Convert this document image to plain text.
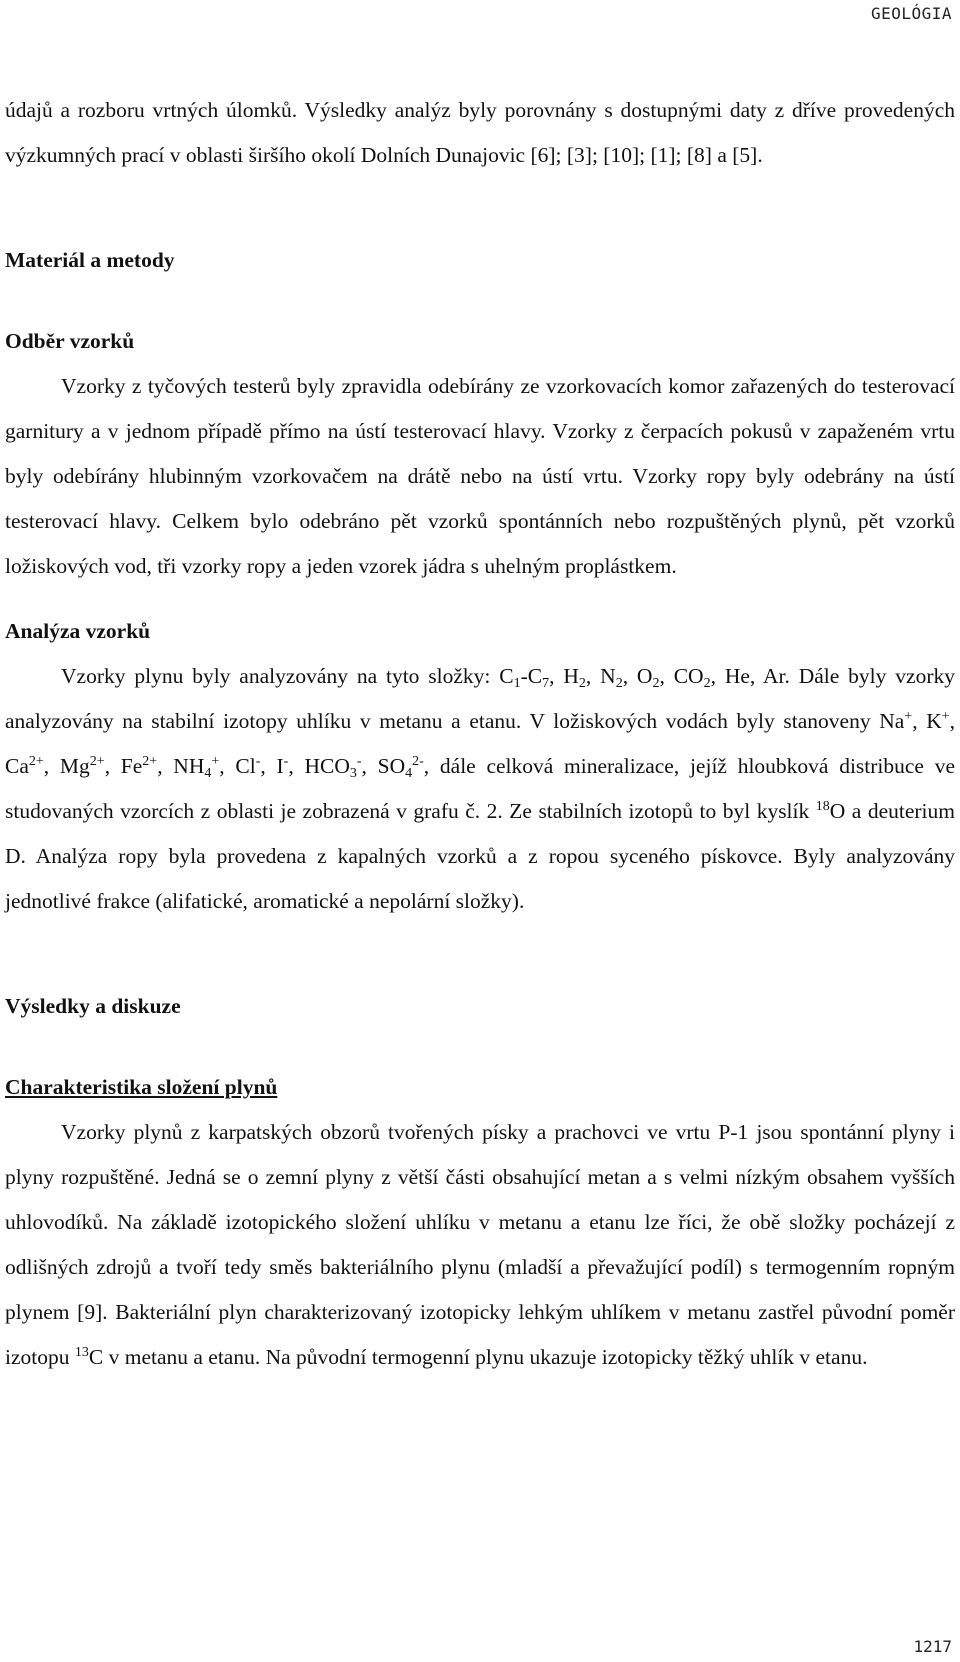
GEOLÓGIA

údajů a rozboru vrtných úlomků. Výsledky analýz byly porovnány s dostupnými daty z dříve provedených výzkumných prací v oblasti širšího okolí Dolních Dunajovic [6]; [3]; [10]; [1]; [8] a [5].

Materiál a metody
Odběr vzorků

Vzorky z tyčových testerů byly zpravidla odebírány ze vzorkovacích komor zařazených do testerovací garnitury a v jednom případě přímo na ústí testerovací hlavy. Vzorky z čerpacích pokusů v zapaženém vrtu byly odebírány hlubinným vzorkovačem na drátě nebo na ústí vrtu. Vzorky ropy byly odebrány na ústí testerovací hlavy. Celkem bylo odebráno pět vzorků spontánních nebo rozpuštěných plynů, pět vzorků ložiskových vod, tři vzorky ropy a jeden vzorek jádra s uhelným proplástkem.

Analýza vzorků

Vzorky plynu byly analyzovány na tyto složky: $C_1-C_7$, $H_2$, $N_2$, $O_2$, $CO_2$, He, Ar. Dále byly vzorky analyzovány na stabilní izotopy uhlíku v metanu a etanu. V ložiskových vodách byly stanoveny Na+, K+, $Ca^{2+}$, $Mg^{2+}$, $Fe^{2+}$, $NH_4^+$, Cl-, I-, $HCO_3^-$, $SO_4^{2-}$, dále celková mineralizace, jejíž hloubková distribuce ve studovaných vzorcích z oblasti je zobrazená v grafu č. 2. Ze stabilních izotopů to byl kyslík $^{18}$O a deuterium D. Analýza ropy byla provedena z kapalných vzorků a z ropou syceného pískovce. Byly analyzovány jednotlivé frakce (alifatické, aromatické a nepolární složky).

Výsledky a diskuze
Charakteristika složení plynů

Vzorky plynů z karpatských obzorů tvořených písky a prachovci ve vrtu P-1 jsou spontánní plyny i plyny rozpuštěné. Jedná se o zemní plyny z větší části obsahující metan a s velmi nízkým obsahem vyšších uhlovodíků. Na základě izotopického složení uhlíku v metanu a etanu lze říci, že obě složky pocházejí z odlišných zdrojů a tvoří tedy směs bakteriálního plynu (mladší a převažující podíl) s termogenním ropným plynem [9]. Bakteriální plyn charakterizovaný izotopicky lehkým uhlíkem v metanu zastřel původní poměr izotopu $^{13}$C v metanu a etanu. Na původní termogenní plynu ukazuje izotopicky těžký uhlík v etanu.

1217
